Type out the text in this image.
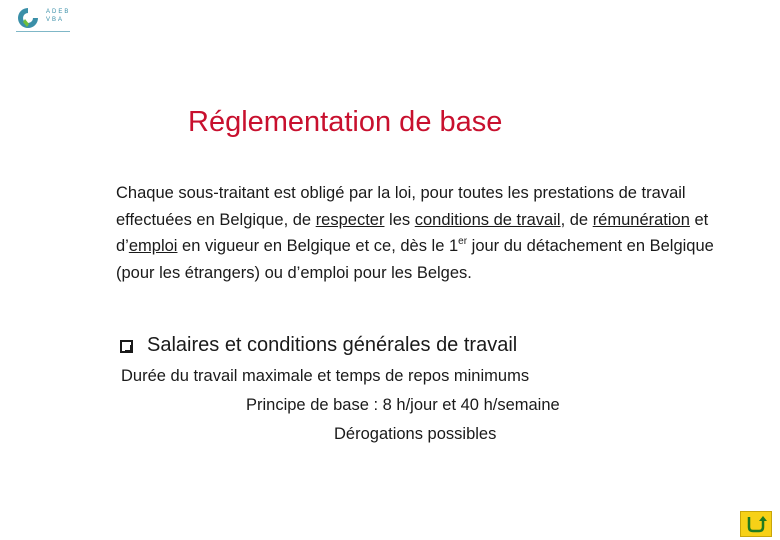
ADEB VBA
Réglementation de base
Chaque sous-traitant est obligé par la loi, pour toutes les prestations de travail effectuées en Belgique, de respecter les conditions de travail, de rémunération et d’emploi en vigueur en Belgique et ce, dès le 1er jour du détachement en Belgique (pour les étrangers) ou d’emploi pour les Belges.
Salaires et conditions générales de travail
Durée du travail maximale et temps de repos minimums
Principe de base : 8 h/jour et 40 h/semaine
Dérogations possibles
